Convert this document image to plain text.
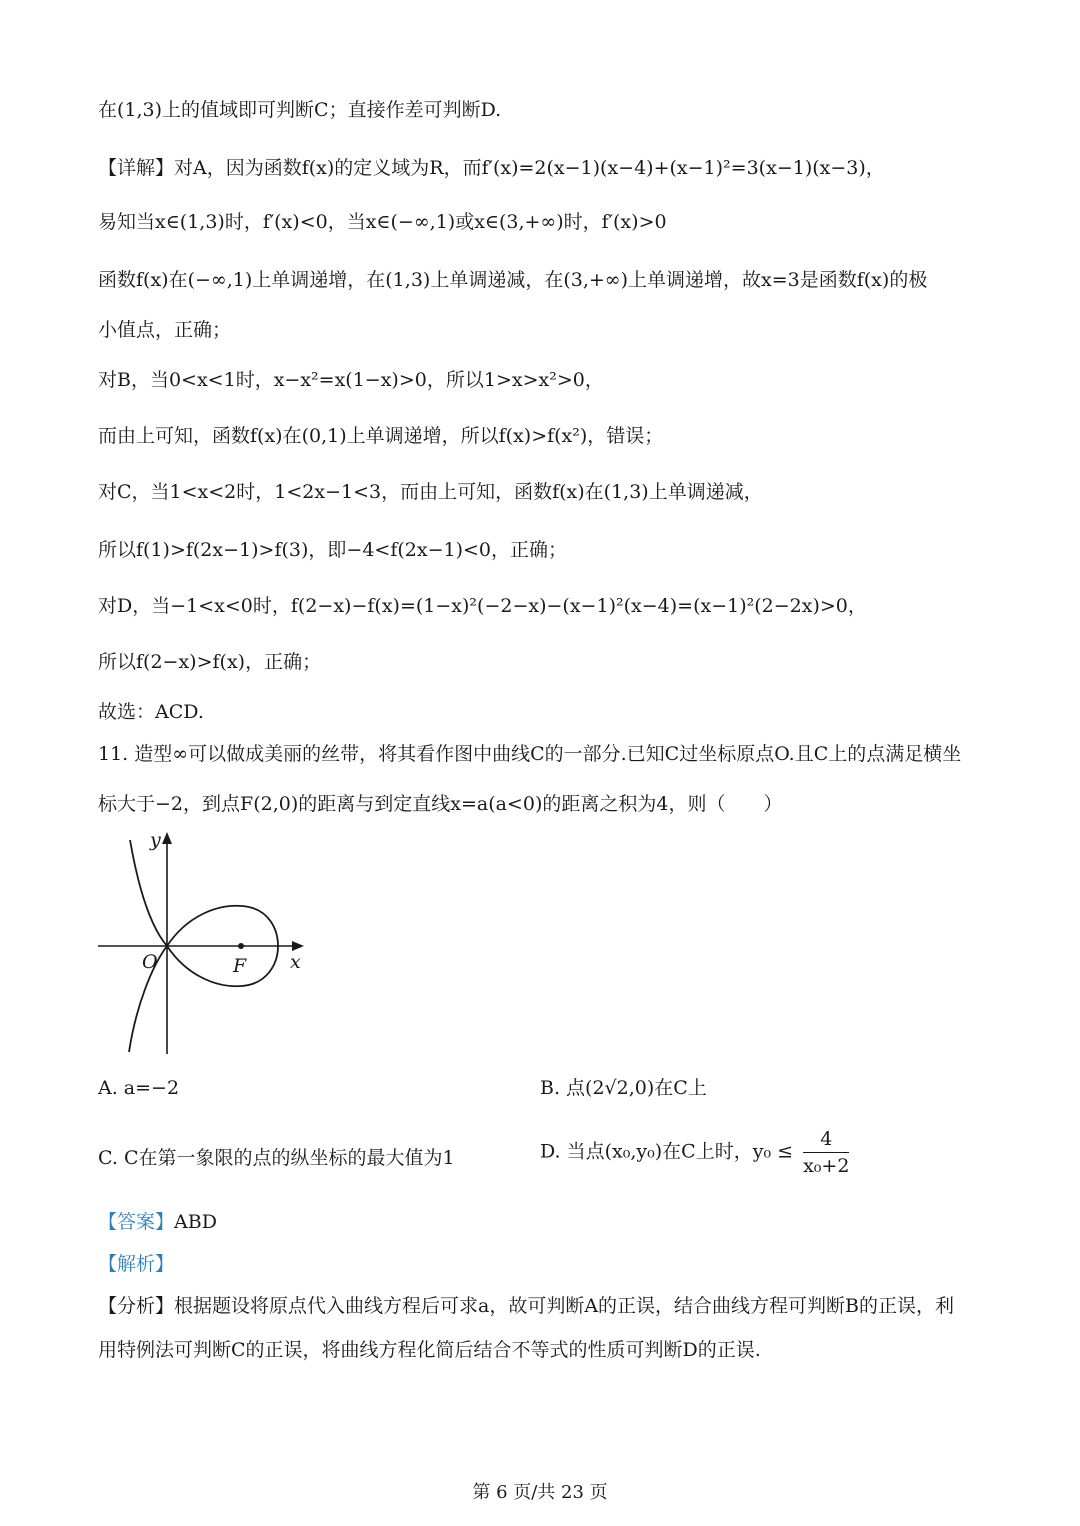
在(1,3)上的值域即可判断C；直接作差可判断D.
【详解】对A，因为函数f(x)的定义域为R，而f′(x)=2(x−1)(x−4)+(x−1)²=3(x−1)(x−3)，
易知当x∈(1,3)时，f′(x)<0，当x∈(−∞,1)或x∈(3,+∞)时，f′(x)>0
函数f(x)在(−∞,1)上单调递增，在(1,3)上单调递减，在(3,+∞)上单调递增，故x=3是函数f(x)的极
小值点，正确；
对B，当0<x<1时，x−x²=x(1−x)>0，所以1>x>x²>0，
而由上可知，函数f(x)在(0,1)上单调递增，所以f(x)>f(x²)，错误；
对C，当1<x<2时，1<2x−1<3，而由上可知，函数f(x)在(1,3)上单调递减，
所以f(1)>f(2x−1)>f(3)，即−4<f(2x−1)<0，正确；
对D，当−1<x<0时，f(2−x)−f(x)=(1−x)²(−2−x)−(x−1)²(x−4)=(x−1)²(2−2x)>0，
所以f(2−x)>f(x)，正确；
故选：ACD.
11. 造型∞可以做成美丽的丝带，将其看作图中曲线C的一部分.已知C过坐标原点O.且C上的点满足横坐
标大于−2，到点F(2,0)的距离与到定直线x=a(a<0)的距离之积为4，则（　　）
y
x
O	F
A. a=−2	B. 点(2√2,0)在C上
C. C在第一象限的点的纵坐标的最大值为1	D. 当点(x₀,y₀)在C上时，$y_0 \le \frac{4}{\text{x₀+2}}$
【答案】ABD
【解析】
【分析】根据题设将原点代入曲线方程后可求a，故可判断A的正误，结合曲线方程可判断B的正误，利
用特例法可判断C的正误，将曲线方程化简后结合不等式的性质可判断D的正误.
第 6 页/共 23 页
